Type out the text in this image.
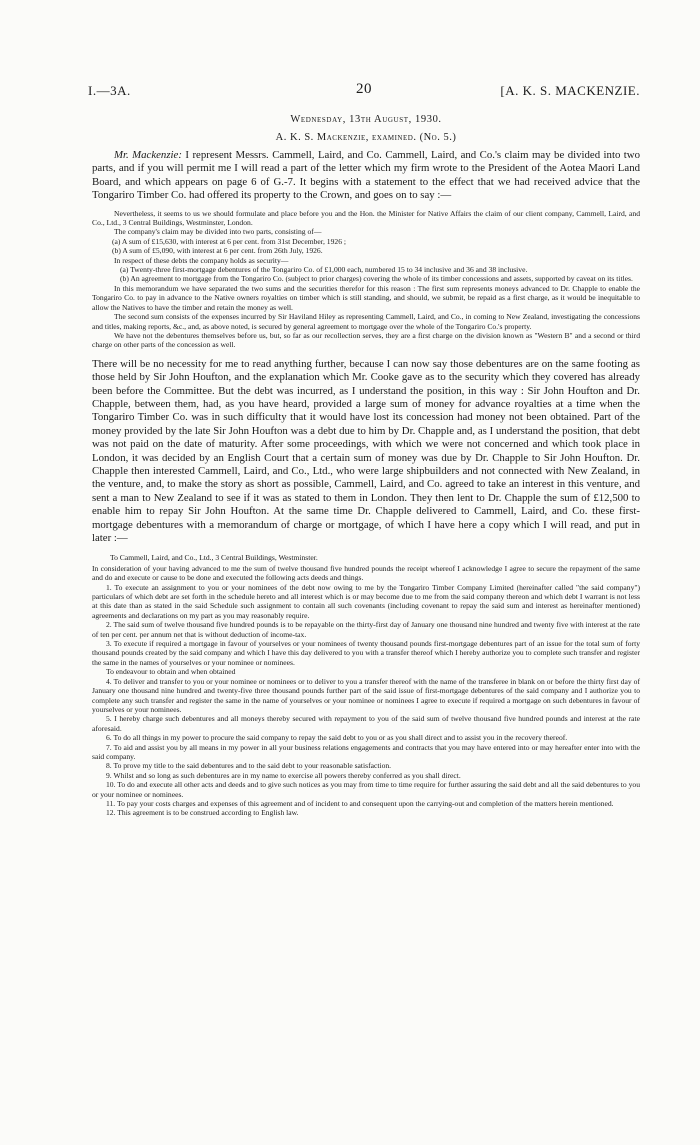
I.—3A.	20	[A. K. S. MACKENZIE.
Wednesday, 13th August, 1930.
A. K. S. Mackenzie, examined. (No. 5.)

Mr. Mackenzie: I represent Messrs. Cammell, Laird, and Co. Cammell, Laird, and Co.'s claim may be divided into two parts, and if you will permit me I will read a part of the letter which my firm wrote to the President of the Aotea Maori Land Board, and which appears on page 6 of G.-7. It begins with a statement to the effect that we had received advice that the Tongariro Timber Co. had offered its property to the Crown, and goes on to say :—

Nevertheless, it seems to us we should formulate and place before you and the Hon. the Minister for Native Affairs the claim of our client company, Cammell, Laird, and Co., Ltd., 3 Central Buildings, Westminster, London.

The company's claim may be divided into two parts, consisting of—

(a) A sum of £15,630, with interest at 6 per cent. from 31st December, 1926 ;

(b) A sum of £5,090, with interest at 6 per cent. from 26th July, 1926.

In respect of these debts the company holds as security—

(a) Twenty-three first-mortgage debentures of the Tongariro Co. of £1,000 each, numbered 15 to 34 inclusive and 36 and 38 inclusive.

(b) An agreement to mortgage from the Tongariro Co. (subject to prior charges) covering the whole of its timber concessions and assets, supported by caveat on its titles.

In this memorandum we have separated the two sums and the securities therefor for this reason : The first sum represents moneys advanced to Dr. Chapple to enable the Tongariro Co. to pay in advance to the Native owners royalties on timber which is still standing, and should, we submit, be repaid as a first charge, as it would be inequitable to allow the Natives to have the timber and retain the money as well.

The second sum consists of the expenses incurred by Sir Haviland Hiley as representing Cammell, Laird, and Co., in coming to New Zealand, investigating the concessions and titles, making reports, &c., and, as above noted, is secured by general agreement to mortgage over the whole of the Tongariro Co.'s property.

We have not the debentures themselves before us, but, so far as our recollection serves, they are a first charge on the division known as "Western B" and a second or third charge on other parts of the concession as well.

There will be no necessity for me to read anything further, because I can now say those debentures are on the same footing as those held by Sir John Houfton, and the explanation which Mr. Cooke gave as to the security which they covered has already been before the Committee. But the debt was incurred, as I understand the position, in this way : Sir John Houfton and Dr. Chapple, between them, had, as you have heard, provided a large sum of money for advance royalties at a time when the Tongariro Timber Co. was in such difficulty that it would have lost its concession had money not been obtained. Part of the money provided by the late Sir John Houfton was a debt due to him by Dr. Chapple and, as I understand the position, that debt was not paid on the date of maturity. After some proceedings, with which we were not concerned and which took place in London, it was decided by an English Court that a certain sum of money was due by Dr. Chapple to Sir John Houfton. Dr. Chapple then interested Cammell, Laird, and Co., Ltd., who were large shipbuilders and not connected with New Zealand, in the venture, and, to make the story as short as possible, Cammell, Laird, and Co. agreed to take an interest in this venture, and sent a man to New Zealand to see if it was as stated to them in London. They then lent to Dr. Chapple the sum of £12,500 to enable him to repay Sir John Houfton. At the same time Dr. Chapple delivered to Cammell, Laird, and Co. these first-mortgage debentures with a memorandum of charge or mortgage, of which I have here a copy which I will read, and put in later :—

To Cammell, Laird, and Co., Ltd., 3 Central Buildings, Westminster.

In consideration of your having advanced to me the sum of twelve thousand five hundred pounds the receipt whereof I acknowledge I agree to secure the repayment of the same and do and execute or cause to be done and executed the following acts deeds and things.

1. To execute an assignment to you or your nominees of the debt now owing to me by the Tongariro Timber Company Limited (hereinafter called "the said company") particulars of which debt are set forth in the schedule hereto and all interest which is or may become due to me from the said company thereon and which debt I warrant is not less at this date than as stated in the said Schedule such assignment to contain all such covenants (including covenant to repay the said sum and interest as hereinafter mentioned) agreements and declarations on my part as you may reasonably require.

2. The said sum of twelve thousand five hundred pounds is to be repayable on the thirty-first day of January one thousand nine hundred and twenty five with interest at the rate of ten per cent. per annum net that is without deduction of income-tax.

3. To execute if required a mortgage in favour of yourselves or your nominees of twenty thousand pounds first-mortgage debentures part of an issue for the total sum of forty thousand pounds created by the said company and which I have this day delivered to you with a transfer thereof which I hereby authorize you to complete such transfer and register the same in the names of yourselves or your nominee or nominees.

To endeavour to obtain and when obtained

4. To deliver and transfer to you or your nominee or nominees or to deliver to you a transfer thereof with the name of the transferee in blank on or before the thirty first day of January one thousand nine hundred and twenty-five three thousand pounds further part of the said issue of first-mortgage debentures of the said company and I authorize you to complete any such transfer and register the same in the name of yourselves or your nominee or nominees I agree to execute if required a mortgage on such debentures in favour of yourselves or your nominees.

5. I hereby charge such debentures and all moneys thereby secured with repayment to you of the said sum of twelve thousand five hundred pounds and interest at the rate aforesaid.

6. To do all things in my power to procure the said company to repay the said debt to you or as you shall direct and to assist you in the recovery thereof.

7. To aid and assist you by all means in my power in all your business relations engagements and contracts that you may have entered into or may hereafter enter into with the said company.

8. To prove my title to the said debentures and to the said debt to your reasonable satisfaction.

9. Whilst and so long as such debentures are in my name to exercise all powers thereby conferred as you shall direct.

10. To do and execute all other acts and deeds and to give such notices as you may from time to time require for further assuring the said debt and all the said debentures to you or your nominee or nominees.

11. To pay your costs charges and expenses of this agreement and of incident to and consequent upon the carrying-out and completion of the matters herein mentioned.

12. This agreement is to be construed according to English law.
